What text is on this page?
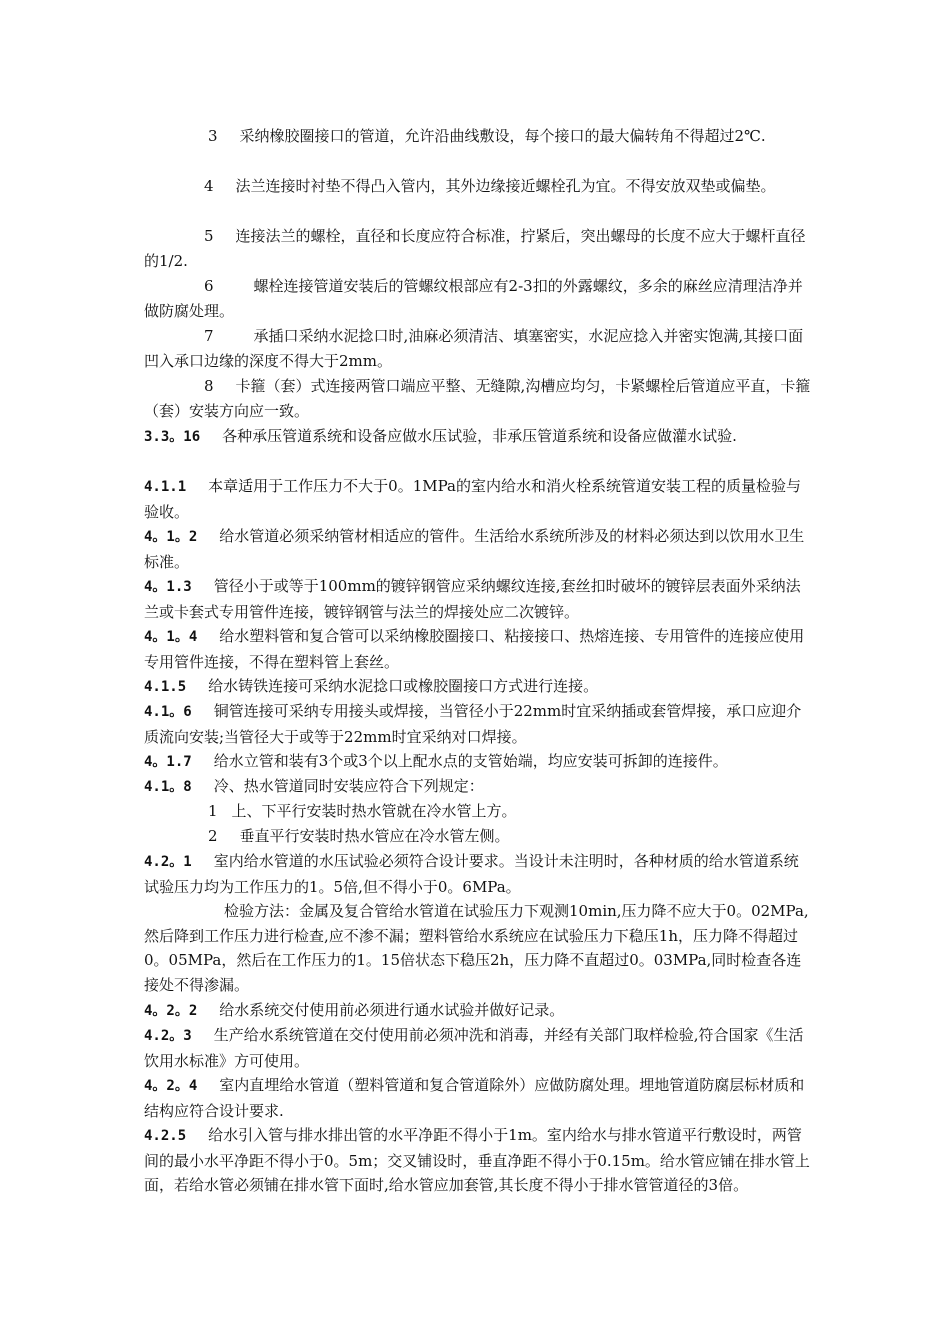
3 采纳橡胶圈接口的管道，允许沿曲线敷设，每个接口的最大偏转角不得超过2℃.
4 法兰连接时衬垫不得凸入管内，其外边缘接近螺栓孔为宜。不得安放双垫或偏垫。
5 连接法兰的螺栓，直径和长度应符合标准，拧紧后，突出螺母的长度不应大于螺杆直径的1/2.
6	螺栓连接管道安装后的管螺纹根部应有2-3扣的外露螺纹，多余的麻丝应清理洁净并做防腐处理。
7	承插口采纳水泥捻口时,油麻必须清洁、填塞密实，水泥应捻入并密实饱满,其接口面凹入承口边缘的深度不得大于2mm。
8 卡箍（套）式连接两管口端应平整、无缝隙,沟槽应均匀，卡紧螺栓后管道应平直，卡箍（套）安装方向应一致。
3.3。16 各种承压管道系统和设备应做水压试验，非承压管道系统和设备应做灌水试验.
4.1.1 本章适用于工作压力不大于0。1MPa的室内给水和消火栓系统管道安装工程的质量检验与验收。
4。1。2 给水管道必须采纳管材相适应的管件。生活给水系统所涉及的材料必须达到以饮用水卫生标准。
4。1.3 管径小于或等于100mm的镀锌钢管应采纳螺纹连接,套丝扣时破坏的镀锌层表面外采纳法兰或卡套式专用管件连接，镀锌钢管与法兰的焊接处应二次镀锌。
4。1。4 给水塑料管和复合管可以采纳橡胶圈接口、粘接接口、热熔连接、专用管件的连接应使用专用管件连接，不得在塑料管上套丝。
4.1.5 给水铸铁连接可采纳水泥捻口或橡胶圈接口方式进行连接。
4.1。6 铜管连接可采纳专用接头或焊接，当管径小于22mm时宜采纳插或套管焊接，承口应迎介质流向安装;当管径大于或等于22mm时宜采纳对口焊接。
4。1.7 给水立管和装有3个或3个以上配水点的支管始端，均应安装可拆卸的连接件。
4.1。8 冷、热水管道同时安装应符合下列规定：
1 上、下平行安装时热水管就在冷水管上方。
2 垂直平行安装时热水管应在冷水管左侧。
4.2。1 室内给水管道的水压试验必须符合设计要求。当设计未注明时，各种材质的给水管道系统试验压力均为工作压力的1。5倍,但不得小于0。6MPa。
检验方法：金属及复合管给水管道在试验压力下观测10min,压力降不应大于0。02MPa,然后降到工作压力进行检查,应不渗不漏；塑料管给水系统应在试验压力下稳压1h，压力降不得超过0。05MPa，然后在工作压力的1。15倍状态下稳压2h，压力降不直超过0。03MPa,同时检查各连接处不得渗漏。
4。2。2 给水系统交付使用前必须进行通水试验并做好记录。
4.2。3 生产给水系统管道在交付使用前必须冲洗和消毒，并经有关部门取样检验,符合国家《生活饮用水标准》方可使用。
4。2。4 室内直埋给水管道（塑料管道和复合管道除外）应做防腐处理。埋地管道防腐层标材质和结构应符合设计要求.
4.2.5 给水引入管与排水排出管的水平净距不得小于1m。室内给水与排水管道平行敷设时，两管间的最小水平净距不得小于0。5m；交叉铺设时，垂直净距不得小于0.15m。给水管应铺在排水管上面，若给水管必须铺在排水管下面时,给水管应加套管,其长度不得小于排水管管道径的3倍。
